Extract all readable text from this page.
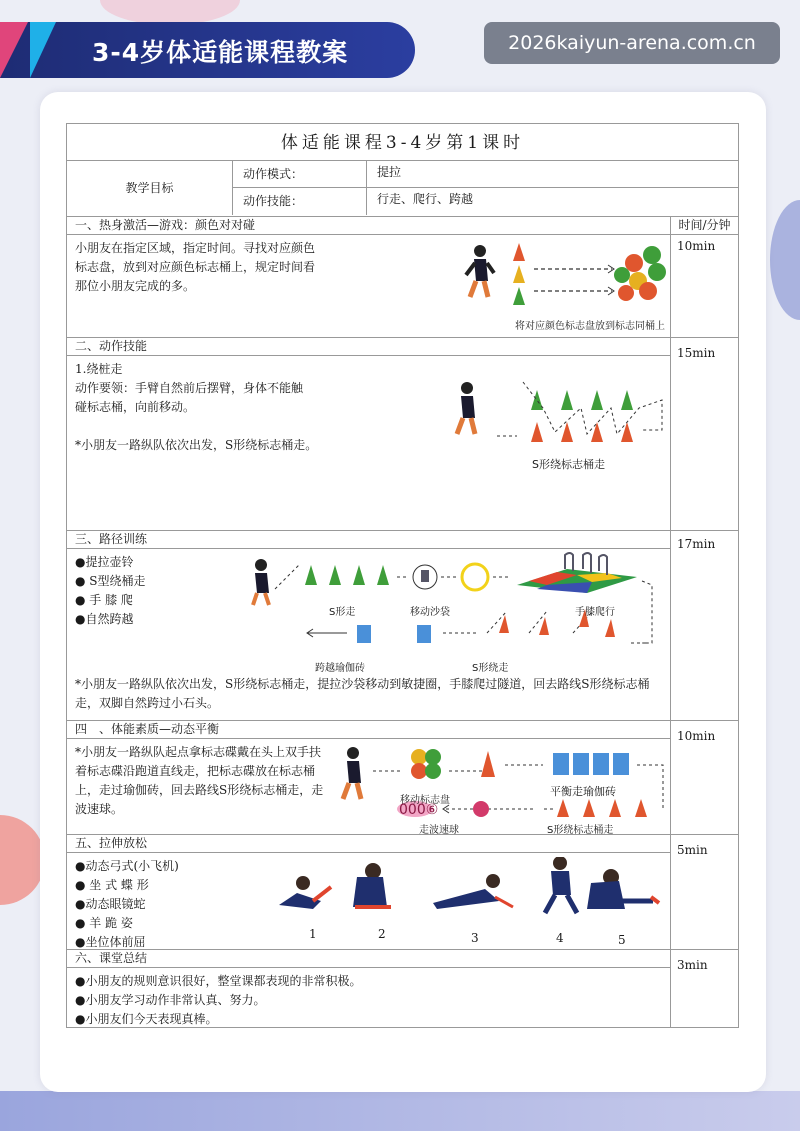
3-4岁体适能课程教案	2026kaiyun-arena.com.cn
体适能课程3-4岁第1课时
教学目标
动作模式：	提拉
动作技能：	行走、爬行、跨越
一、热身激活—游戏：颜色对对碰	时间/分钟
10min

小朋友在指定区域，指定时间。寻找对应颜色标志盘，放到对应颜色标志桶上，规定时间看那位小朋友完成的多。

将对应颜色标志盘放到标志同桶上
二、动作技能	15min

1.绕桩走

动作要领：手臂自然前后摆臂，身体不能触碰标志桶，向前移动。

*小朋友一路纵队依次出发，S形绕标志桶走。

S形绕标志桶走
三、路径训练	17min
●提拉壶铃
● S型绕桶走
● 手 膝 爬
●自然跨越	S形走	移动沙袋	手膝爬行
跨越瑜伽砖	S形绕走
*小朋友一路纵队依次出发，S形绕标志桶走，提拉沙袋移动到敏捷圈，手膝爬过隧道，回去路线S形绕标志桶走，双脚自然跨过小石头。
四　、体能素质—动态平衡	10min

*小朋友一路纵队起点拿标志碟戴在头上双手扶着标志碟沿跑道直线走，把标志碟放在标志桶上，走过瑜伽砖，回去路线S形绕标志桶走，走波速球。	000⑥
移动标志盘
平衡走瑜伽砖
走波速球	S形绕标志桶走
五、拉伸放松	5min
●动态弓式(小飞机)
● 坐 式 蝶 形
●动态眼镜蛇
● 羊 跪 姿
●坐位体前屈
1	2	3	4	5
六、课堂总结	3min
●小朋友的规则意识很好，整堂课都表现的非常积极。
●小朋友学习动作非常认真、努力。
●小朋友们今天表现真棒。
